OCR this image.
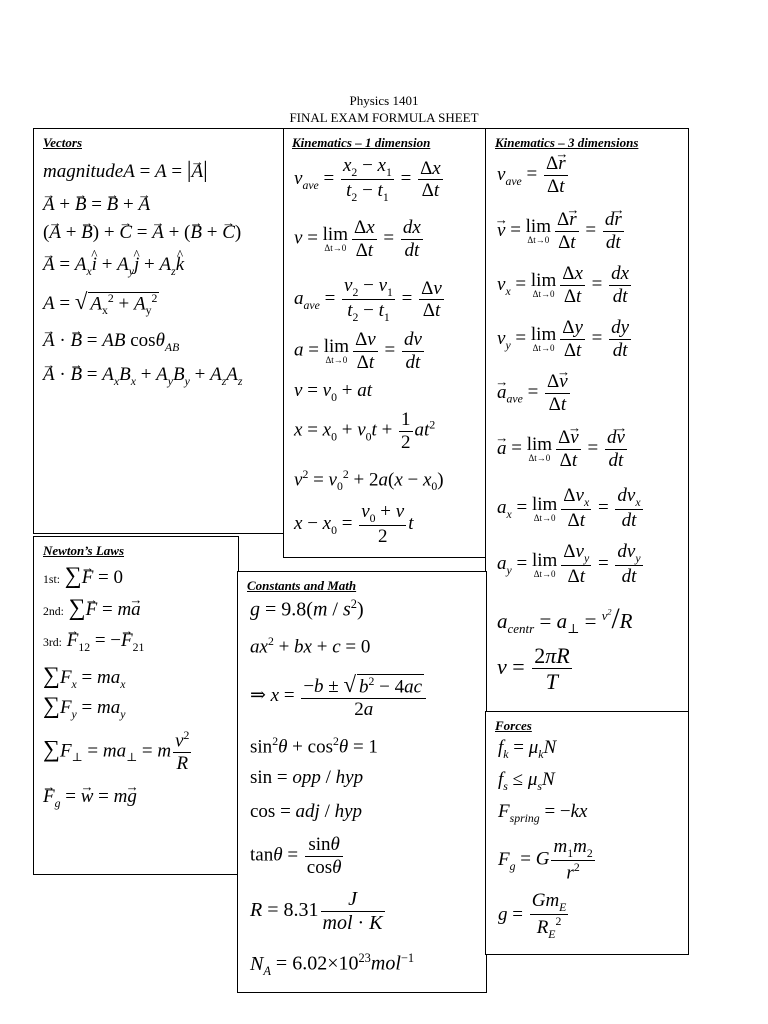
Physics 1401
FINAL EXAM FORMULA SHEET
Vectors
magnitudeA = A = |→ A|
→ A + → B = → B + → A
(→ A + → B) + → C = → A + (→ B + → C)
→ $A = A_x\^{}$ $i + A_y\^{}$ $j + A_z\^{}$ k
A = √ $A_x^2 + A_y^2$
→ A · → B = AB cosθ$_{AB}$
→ A · → $B = A_xB_x + A_yB_y + A_zA_z$
Kinematics – 1 dimension
$v_{ave} = \frac{x_2 - x_1}{t_2 - t_1} = \frac{\Delta x}{\Delta t}$
v = lim
$\Delta t\to 0 \frac{\Delta x}{\Delta t} = \frac{dx}{dt}$
$a_{ave} = \frac{v_2 - v_1}{t_2 - t_1} = \frac{\Delta v}{\Delta t}$
a = lim
$\Delta t\to 0 \frac{\Delta v}{\Delta t} = \frac{dv}{dt}$
$v = v_0$ + at
$x = x_0 + v_0t + \frac{1}{2} at^2$
$v^2 = v_0^2 + 2a(x - x_0)$
$x - x_0 = \frac{v_0 + v}{2}$ t
Kinematics – 3 dimensions
$v_{ave} = \frac{\Delta\to r}{\Delta t}$
→ v = lim
$\Delta t\to 0 \frac{\Delta\to r}{\Delta t} = \frac{d\to r}{dt}$
$v_x = \lim$
$\Delta t\to 0 \frac{\Delta x}{\Delta t} = \frac{dx}{dt}$
$v_y = \lim$
$\Delta t\to 0 \frac{\Delta y}{\Delta t} = \frac{dy}{dt}$
→ $a_{ave} = \frac{\Delta\to v}{\Delta t}$
→ a = lim
$\Delta t\to 0 \frac{\Delta\to v}{\Delta t} = \frac{d\to v}{dt}$
$a_x = \lim$
$\Delta t\to 0 \frac{\Delta v_x}{\Delta t} = \frac{dv_x}{dt}$
$a_y = \lim$
$\Delta t\to 0 \frac{\Delta v_y}{\Delta t} = \frac{dv_y}{dt}$
$a_{centr} = a_\perp = ^{v^2}/R$
$v = \frac{2\pi R}{T}$
Newton’s Laws
1st: ∑→ F = 0
2nd: ∑→ F = m→ a
3rd: → $F_{12}$ = −→ $F_{21}$
$\sum F_x = ma_x$
$\sum F_y = ma_y$
$\sum F_\perp = ma_\perp = m \frac{v^2}{R}$
→ $F_g$ = → w = m→ g
Constants and Math
$g = 9.8(m / s^2)$
$ax^2$ + bx + c = 0
⇒ $x = \frac{-b \pm √ b^2 - 4ac}{2a}$
$\sin^2\theta + \cos^2\theta = 1$
sin = opp / hyp
cos = adj / hyp
$\tan\theta = \frac{\sin\theta}{\cos\theta}$
$R = 8.31 \frac{J}{\text{mol · K}}$
$N_A = 6.02\times 10^{23}mol^{-1}$
Forces
$f_k = \mu_kN$
$f_s \le \mu_sN$
$F_{spring} = -kx$
$F_g = G \frac{m_1m_2}{r^2}$
$g = \frac{Gm_E}{R_E^2}$
